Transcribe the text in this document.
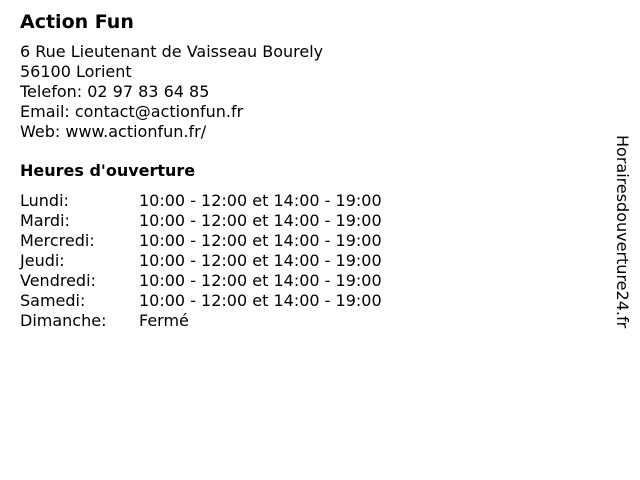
Action Fun
6 Rue Lieutenant de Vaisseau Bourely
56100 Lorient
Telefon: 02 97 83 64 85
Email: contact@actionfun.fr
Web: www.actionfun.fr/
Heures d'ouverture
Lundi:	10:00 - 12:00 et 14:00 - 19:00
Mardi:	10:00 - 12:00 et 14:00 - 19:00
Mercredi:	10:00 - 12:00 et 14:00 - 19:00
Jeudi:	10:00 - 12:00 et 14:00 - 19:00
Vendredi:	10:00 - 12:00 et 14:00 - 19:00
Samedi:	10:00 - 12:00 et 14:00 - 19:00
Dimanche:	Fermé	Horairesdouverture24.fr
